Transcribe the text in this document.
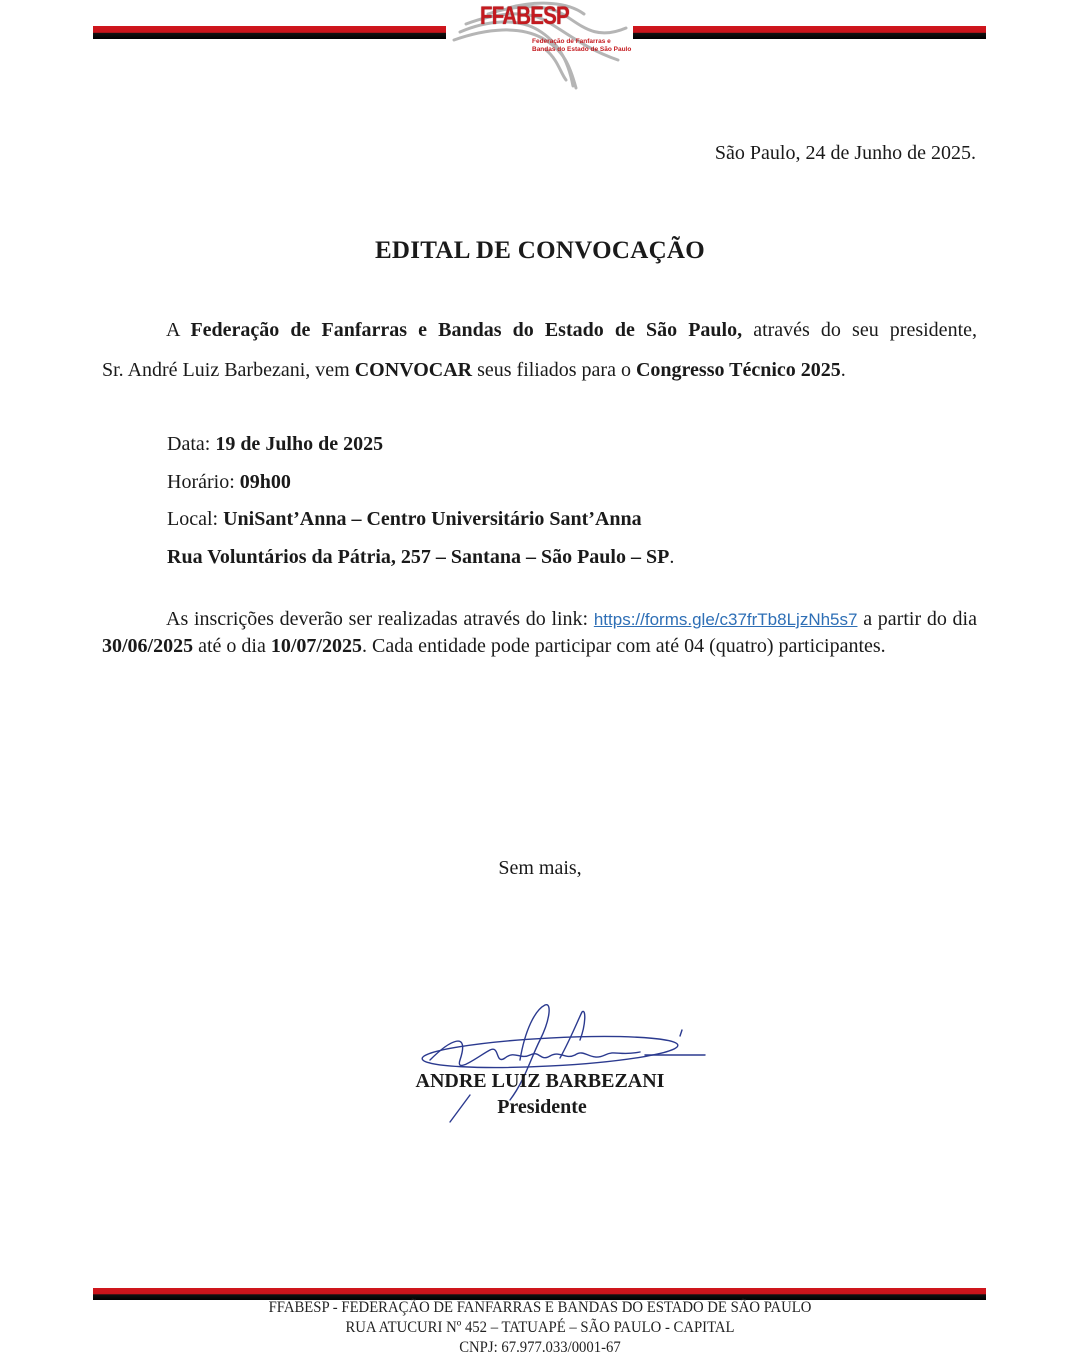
FFABESP
Federação de Fanfarras e Bandas do Estado de São Paulo
São Paulo, 24 de Junho de 2025.
EDITAL DE CONVOCAÇÃO

A Federação de Fanfarras e Bandas do Estado de São Paulo, através do seu presidente,

Sr. André Luiz Barbezani, vem CONVOCAR seus filiados para o Congresso Técnico 2025.

Data: 19 de Julho de 2025
Horário: 09h00
Local: UniSant’Anna – Centro Universitário Sant’Anna
Rua Voluntários da Pátria, 257 – Santana – São Paulo – SP.

As inscrições deverão ser realizadas através do link: https://forms.gle/c37frTb8LjzNh5s7 a partir do dia 30/06/2025 até o dia 10/07/2025. Cada entidade pode participar com até 04 (quatro) participantes.

Sem mais,
ANDRE LUIZ BARBEZANI
Presidente
FFABESP - FEDERAÇÃO DE FANFARRAS E BANDAS DO ESTADO DE SÃO PAULO
RUA ATUCURI Nº 452 – TATUAPÉ – SÃO PAULO - CAPITAL
CNPJ: 67.977.033/0001-67
